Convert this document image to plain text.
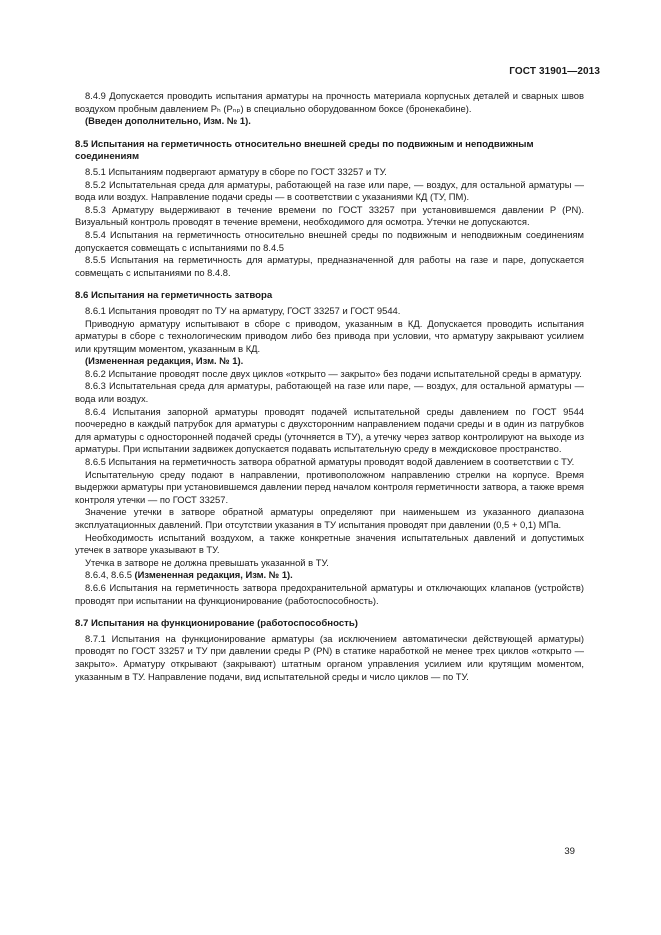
ГОСТ 31901—2013

8.4.9 Допускается проводить испытания арматуры на прочность материала корпусных деталей и сварных швов воздухом пробным давлением Pₕ (Pₙₚ) в специально оборудованном боксе (бронекабине).

(Введен дополнительно, Изм. № 1).

8.5 Испытания на герметичность относительно внешней среды по подвижным и неподвижным соединениям

8.5.1 Испытаниям подвергают арматуру в сборе по ГОСТ 33257 и ТУ.

8.5.2 Испытательная среда для арматуры, работающей на газе или паре, — воздух, для остальной арматуры — вода или воздух. Направление подачи среды — в соответствии с указаниями КД (ТУ, ПМ).

8.5.3 Арматуру выдерживают в течение времени по ГОСТ 33257 при установившемся давлении P (PN). Визуальный контроль проводят в течение времени, необходимого для осмотра. Утечки не допускаются.

8.5.4 Испытания на герметичность относительно внешней среды по подвижным и неподвижным соединениям допускается совмещать с испытаниями по 8.4.5

8.5.5 Испытания на герметичность для арматуры, предназначенной для работы на газе и паре, допускается совмещать с испытаниями по 8.4.8.

8.6 Испытания на герметичность затвора

8.6.1 Испытания проводят по ТУ на арматуру, ГОСТ 33257 и ГОСТ 9544.

Приводную арматуру испытывают в сборе с приводом, указанным в КД. Допускается проводить испытания арматуры в сборе с технологическим приводом либо без привода при условии, что арматуру закрывают усилием или крутящим моментом, указанным в КД.

(Измененная редакция, Изм. № 1).

8.6.2 Испытание проводят после двух циклов «открыто — закрыто» без подачи испытательной среды в арматуру.

8.6.3 Испытательная среда для арматуры, работающей на газе или паре, — воздух, для остальной арматуры — вода или воздух.

8.6.4 Испытания запорной арматуры проводят подачей испытательной среды давлением по ГОСТ 9544 поочередно в каждый патрубок для арматуры с двухсторонним направлением подачи среды и в один из патрубков для арматуры с односторонней подачей среды (уточняется в ТУ), а утечку через затвор контролируют на выходе из арматуры. При испытании задвижек допускается подавать испытательную среду в междисковое пространство.

8.6.5 Испытания на герметичность затвора обратной арматуры проводят водой давлением в соответствии с ТУ.

Испытательную среду подают в направлении, противоположном направлению стрелки на корпусе. Время выдержки арматуры при установившемся давлении перед началом контроля герметичности затвора, а также время контроля утечки — по ГОСТ 33257.

Значение утечки в затворе обратной арматуры определяют при наименьшем из указанного диапазона эксплуатационных давлений. При отсутствии указания в ТУ испытания проводят при давлении (0,5 + 0,1) МПа.

Необходимость испытаний воздухом, а также конкретные значения испытательных давлений и допустимых утечек в затворе указывают в ТУ.

Утечка в затворе не должна превышать указанной в ТУ.

8.6.4, 8.6.5 (Измененная редакция, Изм. № 1).

8.6.6 Испытания на герметичность затвора предохранительной арматуры и отключающих клапанов (устройств) проводят при испытании на функционирование (работоспособность).

8.7 Испытания на функционирование (работоспособность)

8.7.1 Испытания на функционирование арматуры (за исключением автоматически действующей арматуры) проводят по ГОСТ 33257 и ТУ при давлении среды P (PN) в статике наработкой не менее трех циклов «открыто — закрыто». Арматуру открывают (закрывают) штатным органом управления усилием или крутящим моментом, указанным в ТУ. Направление подачи, вид испытательной среды и число циклов — по ТУ.

39
